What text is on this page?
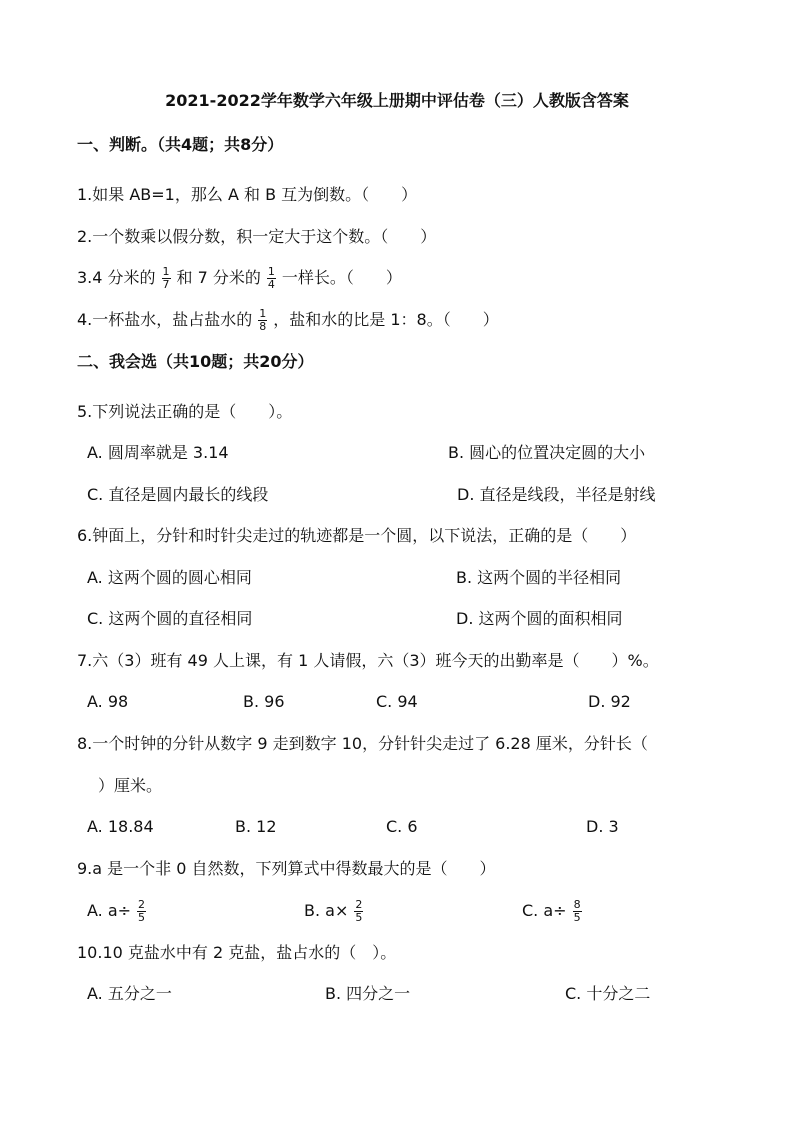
2021-2022学年数学六年级上册期中评估卷（三）人教版含答案
一、判断。（共4题；共8分）
1.如果 AB=1，那么 A 和 B 互为倒数。（　　）
2.一个数乘以假分数，积一定大于这个数。（　　）
3.4 分米的 $\frac{1}{7}$ 和 7 分米的 $\frac{1}{4}$ 一样长。（　　）
4.一杯盐水，盐占盐水的 $\frac{1}{8}$ ，盐和水的比是 1：8。（　　）
二、我会选（共10题；共20分）
5.下列说法正确的是（　　）。
A. 圆周率就是 3.14	B. 圆心的位置决定圆的大小
C. 直径是圆内最长的线段	D. 直径是线段，半径是射线
6.钟面上，分针和时针尖走过的轨迹都是一个圆，以下说法，正确的是（　　）
A. 这两个圆的圆心相同	B. 这两个圆的半径相同
C. 这两个圆的直径相同	D. 这两个圆的面积相同
7.六（3）班有 49 人上课，有 1 人请假，六（3）班今天的出勤率是（　　）%。
A. 98	B. 96	C. 94	D. 92
8.一个时钟的分针从数字 9 走到数字 10，分针针尖走过了 6.28 厘米，分针长（
　）厘米。
A. 18.84	B. 12	C. 6	D. 3
9.a 是一个非 0 自然数，下列算式中得数最大的是（　　）
A. $a\div \frac{2}{5}$	B. $a\times \frac{2}{5}$	C. $a\div \frac{8}{5}$
10.10 克盐水中有 2 克盐，盐占水的（　）。
A. 五分之一	B. 四分之一	C. 十分之二
